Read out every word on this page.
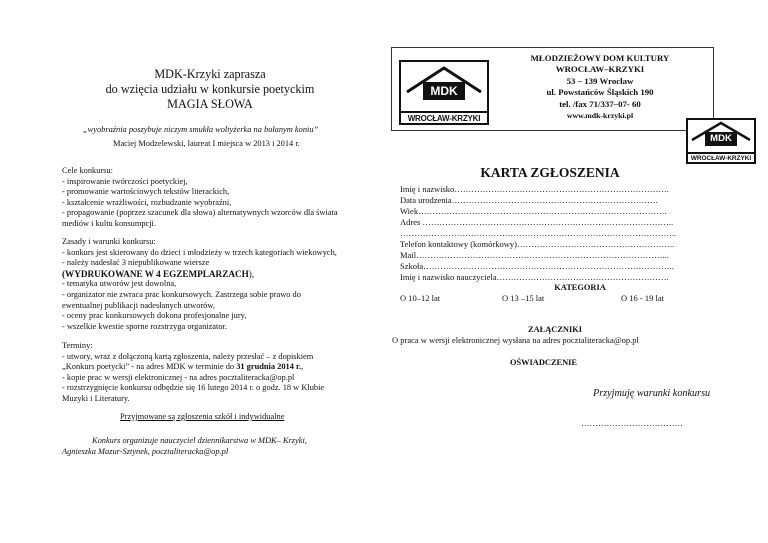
MDK-Krzyki zaprasza
do wzięcia udziału w konkursie poetyckim
MAGIA SŁOWA
„wyobraźnia poszybuje niczym smukła woltyżerka na bułanym koniu”
Maciej Modzelewski, laureat I miejsca w 2013 i 2014 r.
Cele konkursu:
- inspirowanie twórczości poetyckiej,
- promowanie wartościowych tekstów literackich,
- kształcenie wrażliwości, rozbudzanie wyobraźni,
- propagowanie (poprzez szacunek dla słowa) alternatywnych wzorców dla świata
mediów i kultu konsumpcji.
Zasady i warunki konkursu:
- konkurs jest skierowany do dzieci i młodzieży w trzech kategoriach wiekowych,
- należy nadesłać 3 niepublikowane wiersze
(WYDRUKOWANE W 4 EGZEMPLARZACH),
- tematyka utworów jest dowolna,
- organizator nie zwraca prac konkursowych. Zastrzega sobie prawo do
ewentualnej publikacji nadesłanych utworów,
- oceny prac konkursowych dokona profesjonalne jury,
- wszelkie kwestie sporne rozstrzyga organizator.
Terminy:
- utwory, wraz z dołączoną kartą zgłoszenia, należy przesłać – z dopiskiem
„Konkurs poetycki” - na adres MDK w terminie do 31 grudnia 2014 r.,
- kopie prac w wersji elektronicznej - na adres pocztaliteracka@op.pl
- rozstrzygnięcie konkursu odbędzie się 16 lutego 2014 r. o godz. 18 w Klubie
Muzyki i Literatury.
Przyjmowane są zgłoszenia szkół i indywidualne
Konkurs organizuje nauczyciel dziennikarstwa w MDK– Krzyki,
Agnieszka Mazur-Sztynek, pocztaliteracka@op.pl
MDK
WROCŁAW-KRZYKI
MŁODZIEŻOWY DOM KULTURY
WROCŁAW–KRZYKI
53 – 139 Wrocław
ul. Powstańców Śląskich 190
tel. /fax 71/337–07- 60
www.mdk-krzyki.pl
MDK
WROCŁAW-KRZYKI
KARTA ZGŁOSZENIA
Imię i nazwisko………………………………………………………………….
Data urodzenia……………………………………………………………….
Wiek…………………………………………………………………………….
Adres ……………………………………………………………………………..
……………………………………………………………………………………..
Telefon kontaktowy (komórkowy)………………………………………………..
Mail……………………………………………………………………………...
Szkoła……………………………………………………………………………..
Imię i nazwisko nauczyciela…………………………………………………….
KATEGORIA
O 10–12 lat	O 13 –15 lat	O 16 - 19 lat
ZAŁĄCZNIKI
O praca w wersji elektronicznej wysłana na adres pocztaliteracka@op.pl
OŚWIADCZENIE
Przyjmuję warunki konkursu
………………………………
